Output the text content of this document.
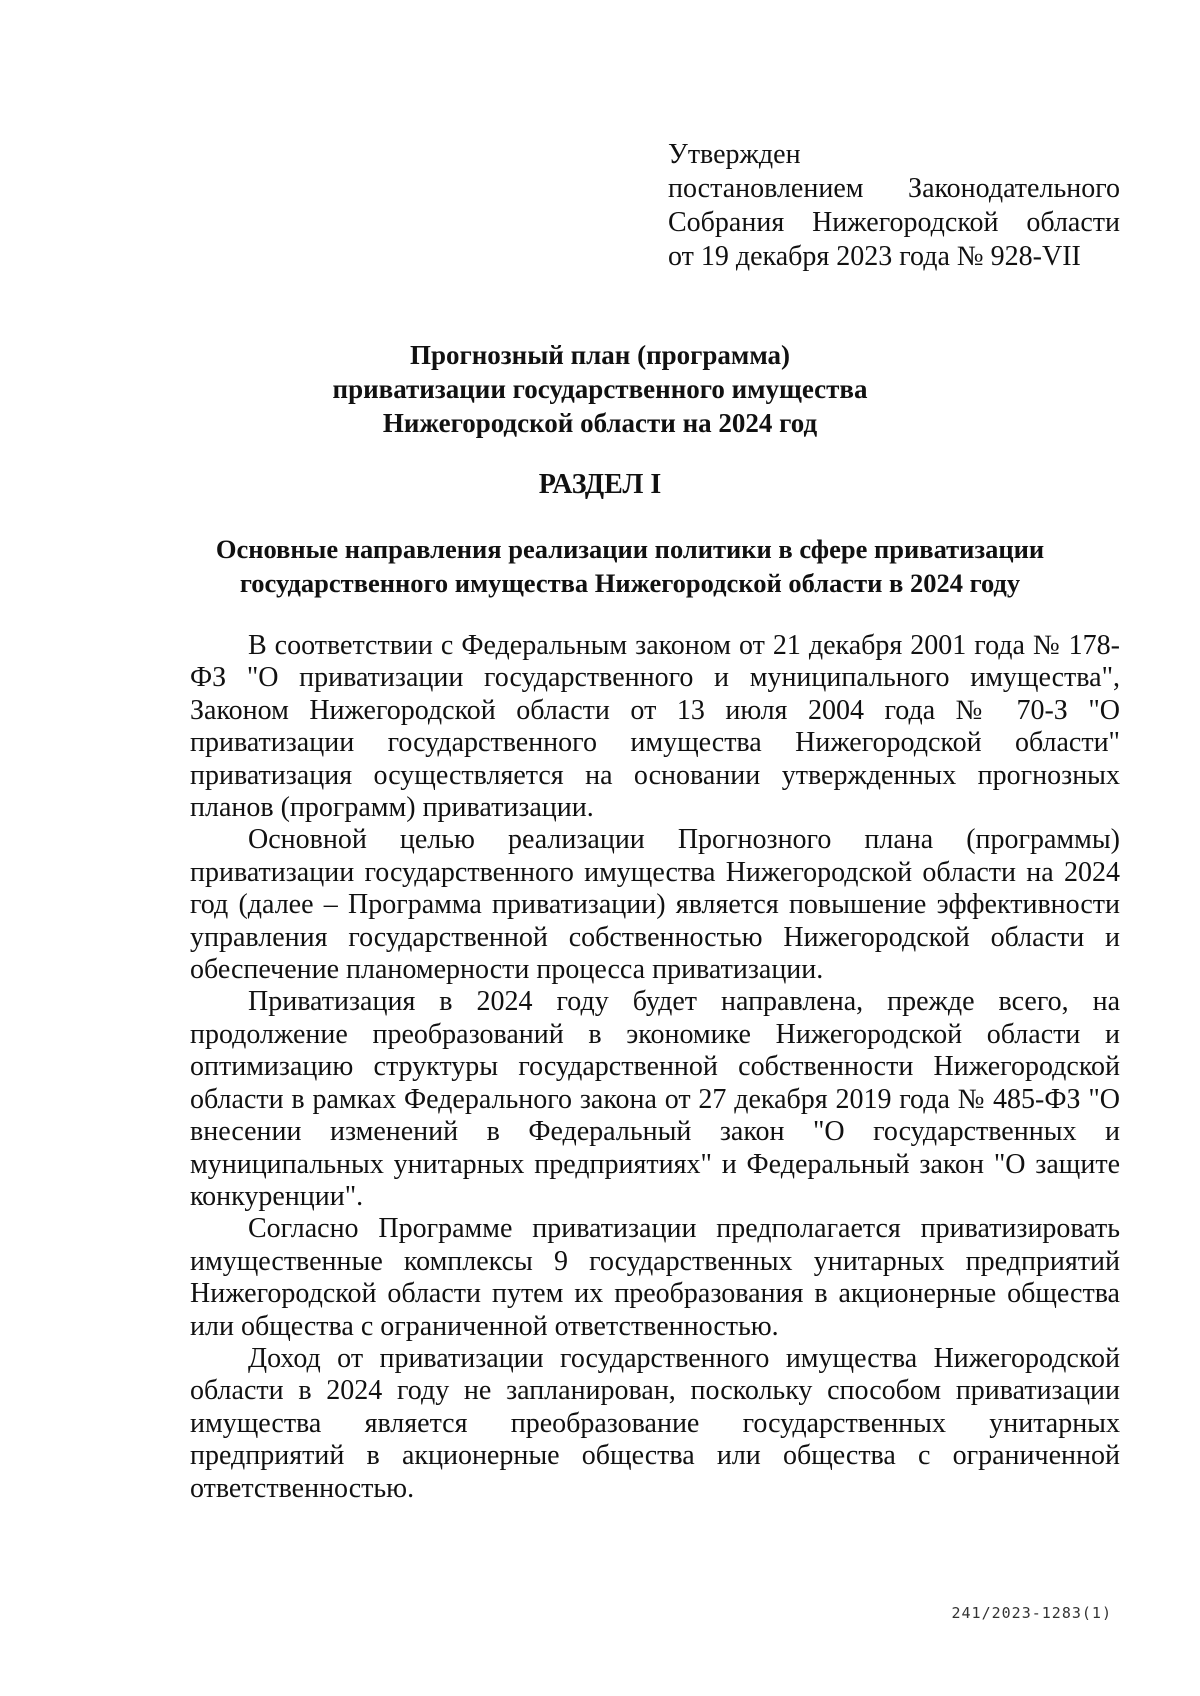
Утвержден
постановлением Законодательного
Собрания Нижегородской области
от 19 декабря 2023 года № 928-VII
Прогнозный план (программа)
приватизации государственного имущества
Нижегородской области на 2024 год
РАЗДЕЛ I
Основные направления реализации политики в сфере приватизации
государственного имущества Нижегородской области в 2024 году

В соответствии с Федеральным законом от 21 декабря 2001 года № 178-ФЗ "О приватизации государственного и муниципального имущества", Законом Нижегородской области от 13 июля 2004 года № 70-З "О приватизации государственного имущества Нижегородской области" приватизация осуществляется на основании утвержденных прогнозных планов (программ) приватизации.

Основной целью реализации Прогнозного плана (программы) приватизации государственного имущества Нижегородской области на 2024 год (далее – Программа приватизации) является повышение эффективности управления государственной собственностью Нижегородской области и обеспечение планомерности процесса приватизации.

Приватизация в 2024 году будет направлена, прежде всего, на продолжение преобразований в экономике Нижегородской области и оптимизацию структуры государственной собственности Нижегородской области в рамках Федерального закона от 27 декабря 2019 года № 485-ФЗ "О внесении изменений в Федеральный закон "О государственных и муниципальных унитарных предприятиях" и Федеральный закон "О защите конкуренции".

Согласно Программе приватизации предполагается приватизировать имущественные комплексы 9 государственных унитарных предприятий Нижегородской области путем их преобразования в акционерные общества или общества с ограниченной ответственностью.

Доход от приватизации государственного имущества Нижегородской области в 2024 году не запланирован, поскольку способом приватизации имущества является преобразование государственных унитарных предприятий в акционерные общества или общества с ограниченной ответственностью.

241/2023-1283(1)
